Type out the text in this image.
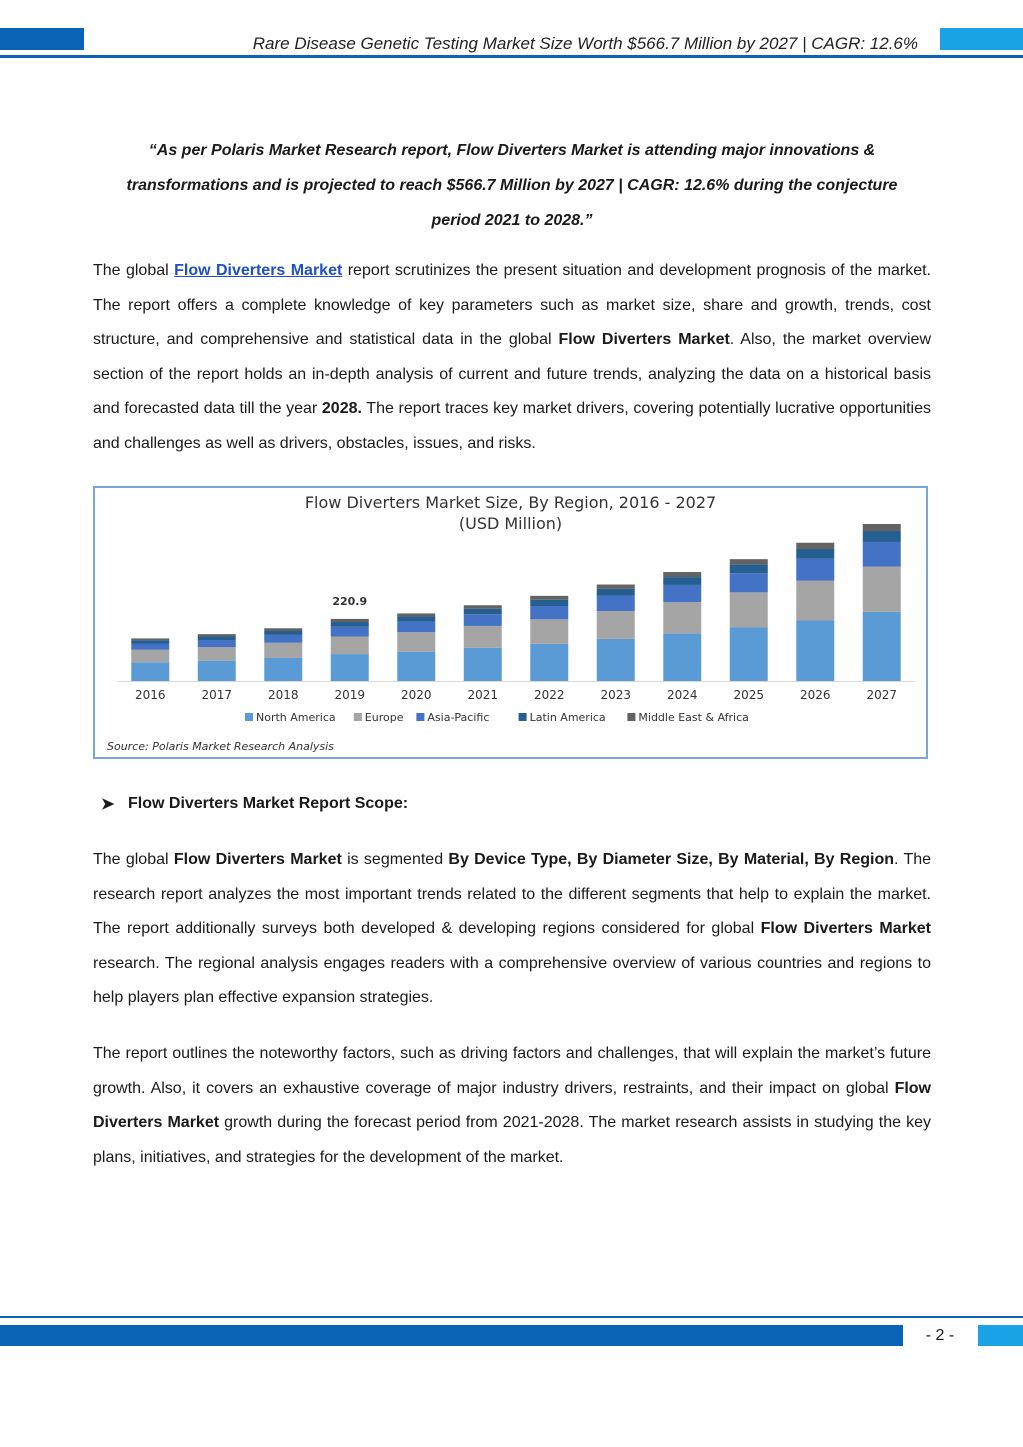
Rare Disease Genetic Testing Market Size Worth $566.7 Million by 2027 | CAGR: 12.6%
“As per Polaris Market Research report, Flow Diverters Market is attending major innovations &
transformations and is projected to reach $566.7 Million by 2027 | CAGR: 12.6% during the conjecture
period 2021 to 2028.”
The global Flow Diverters Market report scrutinizes the present situation and development prognosis of the market. The report offers a complete knowledge of key parameters such as market size, share and growth, trends, cost structure, and comprehensive and statistical data in the global Flow Diverters Market. Also, the market overview section of the report holds an in-depth analysis of current and future trends, analyzing the data on a historical basis and forecasted data till the year 2028. The report traces key market drivers, covering potentially lucrative opportunities and challenges as well as drivers, obstacles, issues, and risks.
Flow Diverters Market Size, By Region, 2016 - 2027
(USD Million)
2016	2017	2018	2019
220.9
2020	2021	2022	2023	2024	2025	2026	2027
North America	Europe Asia-Pacific	Latin America	Middle East & Africa
Source: Polaris Market Research Analysis
➤ Flow Diverters Market Report Scope:
The global Flow Diverters Market is segmented By Device Type, By Diameter Size, By Material, By Region. The research report analyzes the most important trends related to the different segments that help to explain the market. The report additionally surveys both developed & developing regions considered for global Flow Diverters Market research. The regional analysis engages readers with a comprehensive overview of various countries and regions to help players plan effective expansion strategies.
The report outlines the noteworthy factors, such as driving factors and challenges, that will explain the market’s future growth. Also, it covers an exhaustive coverage of major industry drivers, restraints, and their impact on global Flow Diverters Market growth during the forecast period from 2021-2028. The market research assists in studying the key plans, initiatives, and strategies for the development of the market.
- 2 -
